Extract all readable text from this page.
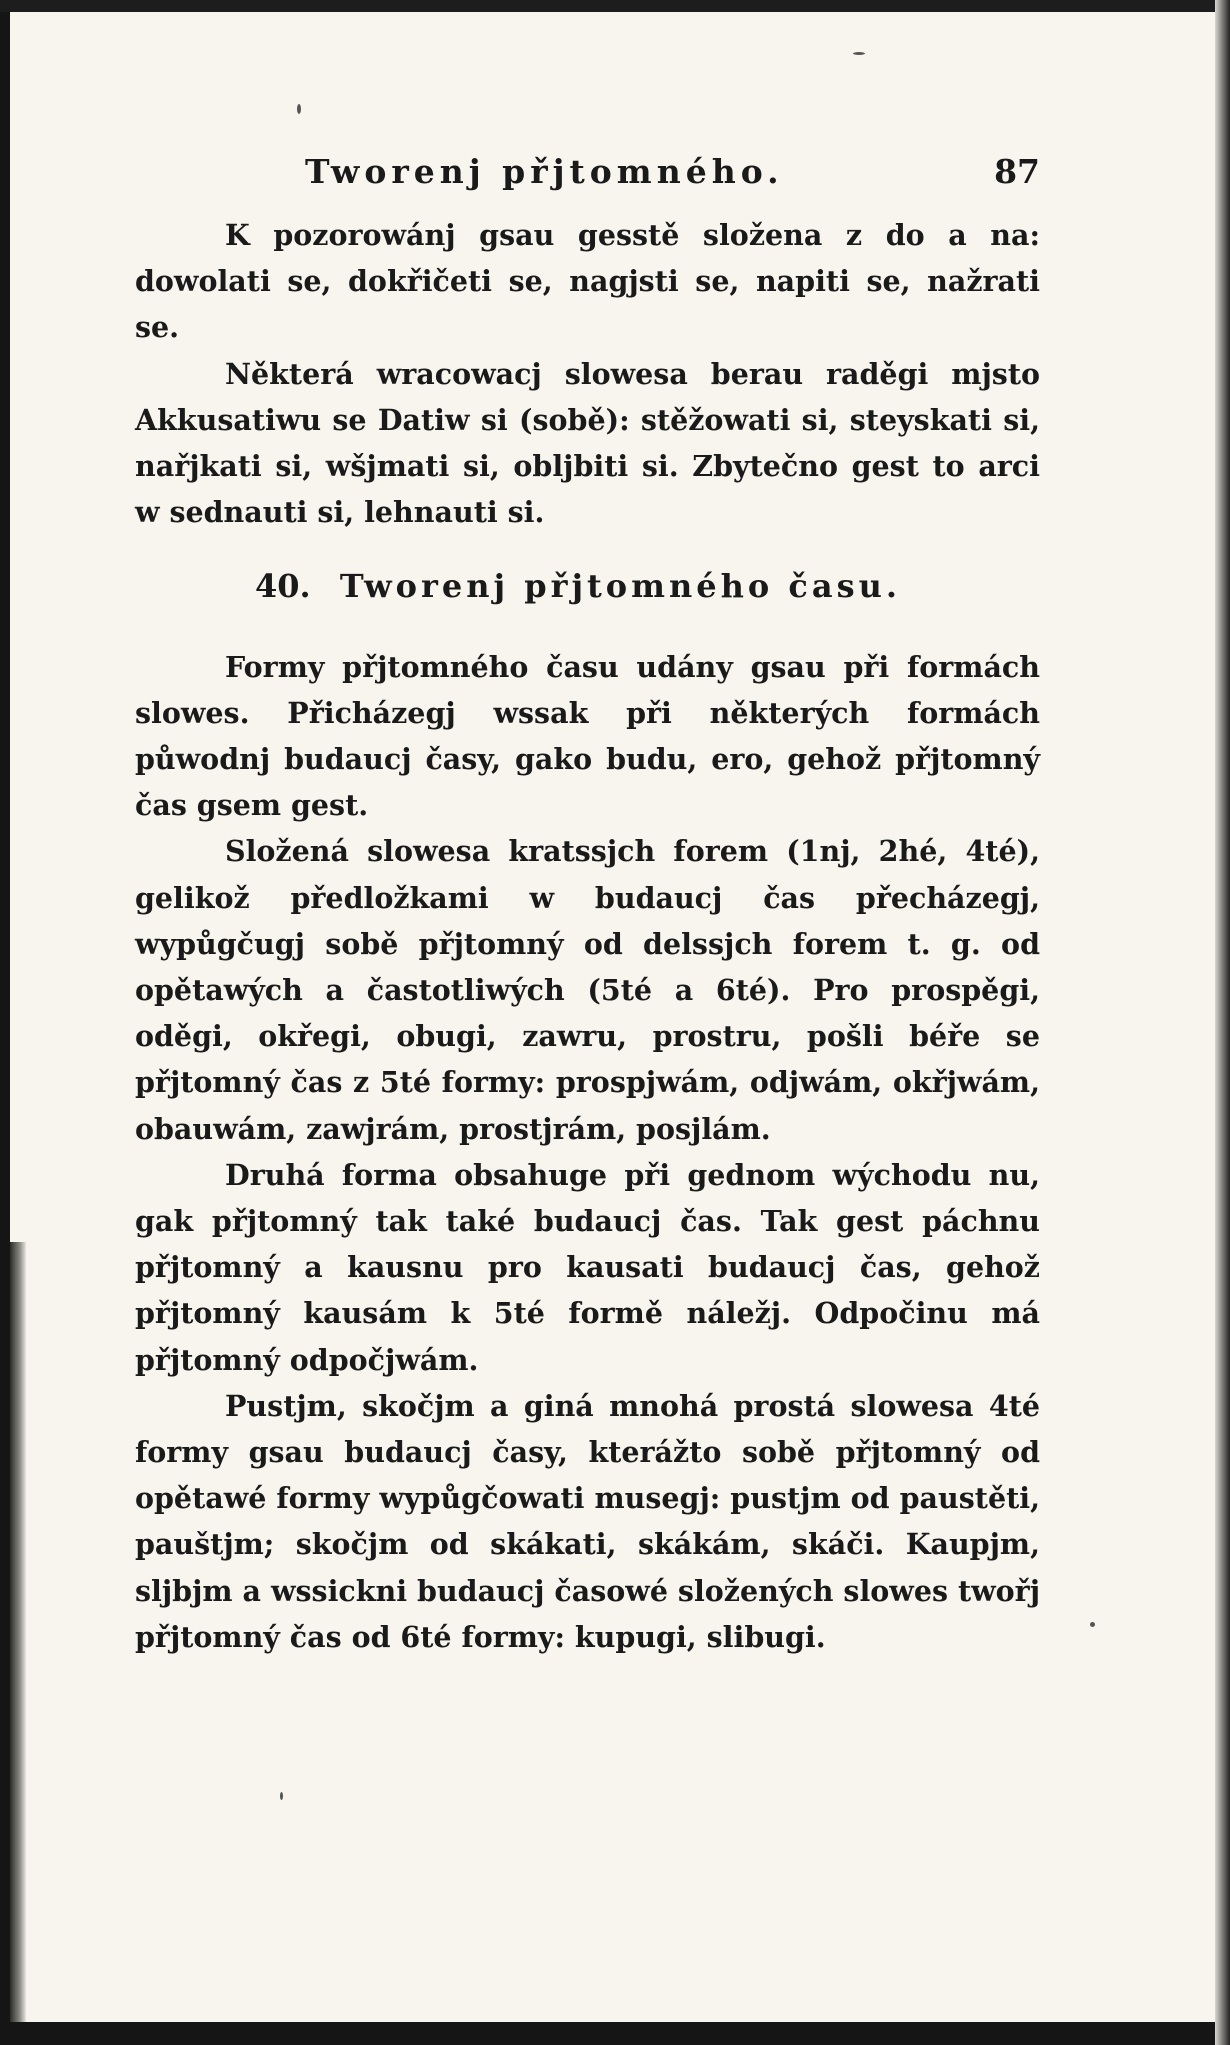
Tworenj přjtomného.	87

K pozorowánj gsau gesstě složena z do a na: dowolati se, dokřičeti se, nagjsti se, napiti se, nažrati se.

Některá wracowacj slowesa berau raděgi mjsto Akkusatiwu se Datiw si (sobě): stěžowati si, steyskati si, nařjkati si, wšjmati si, obljbiti si. Zbytečno gest to arci w sednauti si, lehnauti si.

40. Tworenj přjtomného času.

Formy přjtomného času udány gsau při formách slowes. Přicházegj wssak při některých formách půwodnj budaucj časy, gako budu, ero, gehož přjtomný čas gsem gest.

Složená slowesa kratssjch forem (1nj, 2hé, 4té), gelikož předložkami w budaucj čas přecházegj, wypůgčugj sobě přjtomný od delssjch forem t. g. od opětawých a častotliwých (5té a 6té). Pro prospěgi, oděgi, okřegi, obugi, zawru, prostru, pošli béře se přjtomný čas z 5té formy: prospjwám, odjwám, okřjwám, obauwám, zawjrám, prostjrám, posjlám.

Druhá forma obsahuge při gednom wýchodu nu, gak přjtomný tak také budaucj čas. Tak gest páchnu přjtomný a kausnu pro kausati budaucj čas, gehož přjtomný kausám k 5té formě náležj. Odpočinu má přjtomný odpočjwám.

Pustjm, skočjm a giná mnohá prostá slowesa 4té formy gsau budaucj časy, kterážto sobě přjtomný od opětawé formy wypůgčowati musegj: pustjm od paustěti, pauštjm; skočjm od skákati, skákám, skáči. Kaupjm, sljbjm a wssickni budaucj časowé složených slowes twořj přjtomný čas od 6té formy: kupugi, slibugi.
